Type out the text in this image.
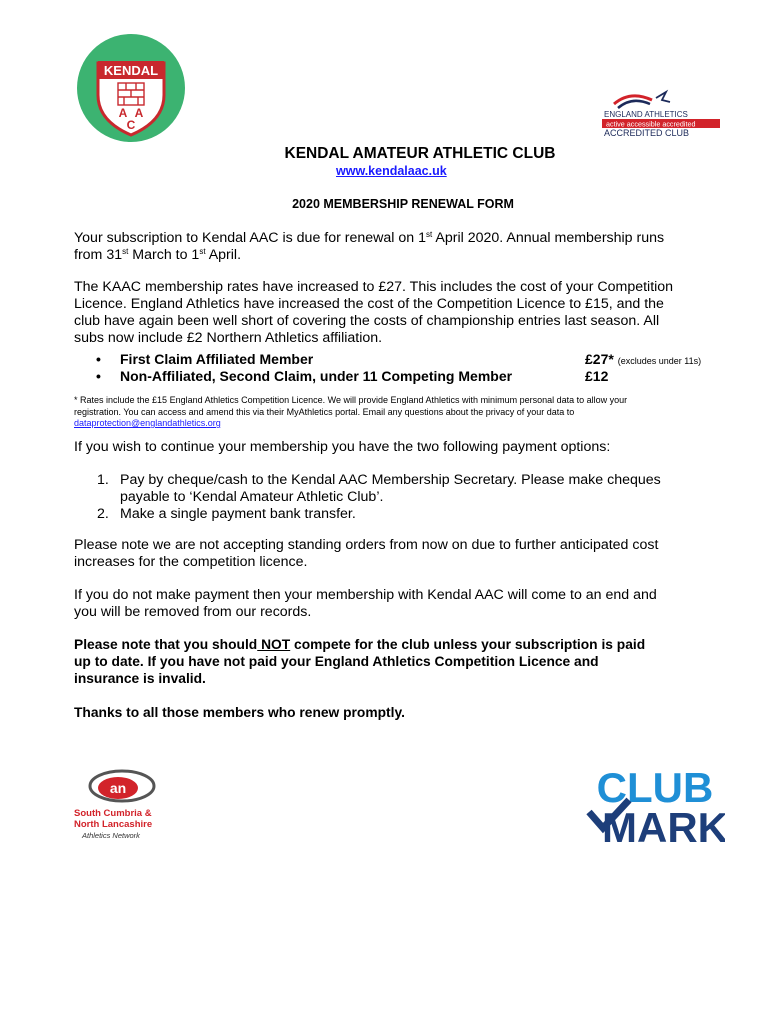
KENDAL
A A
C
ENGLAND ATHLETICS
active accessible accredited
ACCREDITED CLUB
KENDAL AMATEUR ATHLETIC CLUB
www.kendalaac.uk
2020 MEMBERSHIP RENEWAL FORM
Your subscription to Kendal AAC is due for renewal on 1st April 2020. Annual membership runs
from 31st March to 1st April.
The KAAC membership rates have increased to £27. This includes the cost of your Competition
Licence. England Athletics have increased the cost of the Competition Licence to £15, and the
club have again been well short of covering the costs of championship entries last season. All
subs now include £2 Northern Athletics affiliation.
• First Claim Affiliated Member	£27* (excludes under 11s)
• Non-Affiliated, Second Claim, under 11 Competing Member	£12
* Rates include the £15 England Athletics Competition Licence. We will provide England Athletics with minimum personal data to allow your
registration. You can access and amend this via their MyAthletics portal. Email any questions about the privacy of your data to
dataprotection@englandathletics.org
If you wish to continue your membership you have the two following payment options:
1. Pay by cheque/cash to the Kendal AAC Membership Secretary. Please make cheques
payable to ‘Kendal Amateur Athletic Club’.
2. Make a single payment bank transfer.
Please note we are not accepting standing orders from now on due to further anticipated cost
increases for the competition licence.
If you do not make payment then your membership with Kendal AAC will come to an end and
you will be removed from our records.
Please note that you should NOT compete for the club unless your subscription is paid
up to date. If you have not paid your England Athletics Competition Licence and
insurance is invalid.
Thanks to all those members who renew promptly.
an
South Cumbria &
North Lancashire
Athletics Network
CLUB
MARK
